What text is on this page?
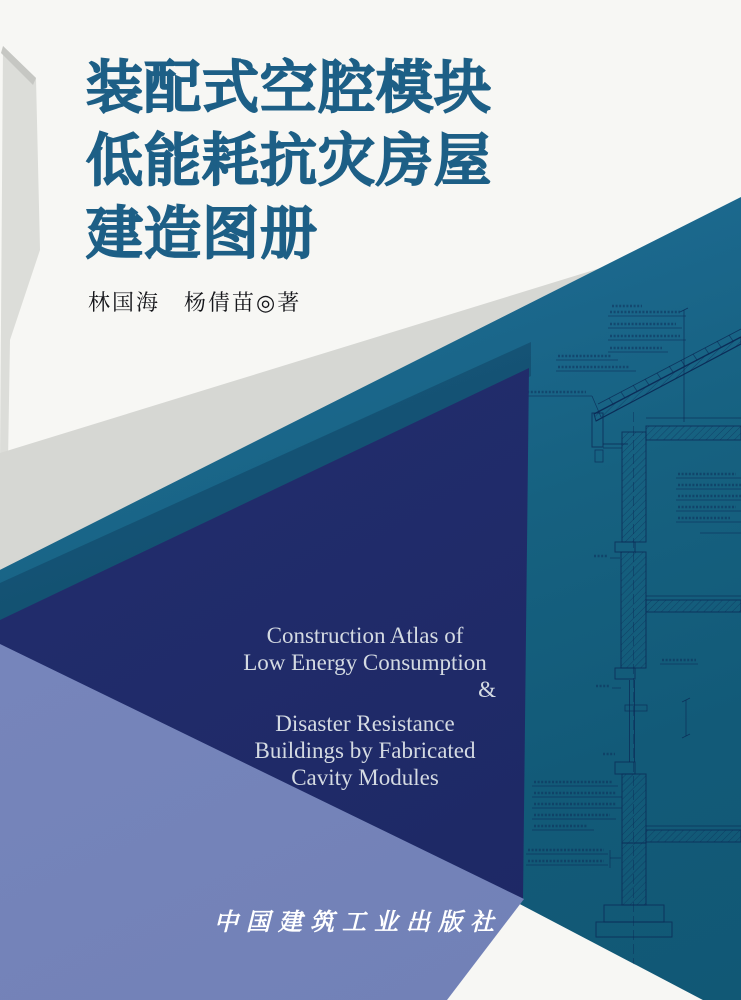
Construction Atlas of
Low Energy Consumption
&
Disaster Resistance
Buildings by Fabricated
Cavity Modules
中国建筑工业出版社
装配式空腔模块
低能耗抗灾房屋
建造图册
林国海　杨倩苗◎著
